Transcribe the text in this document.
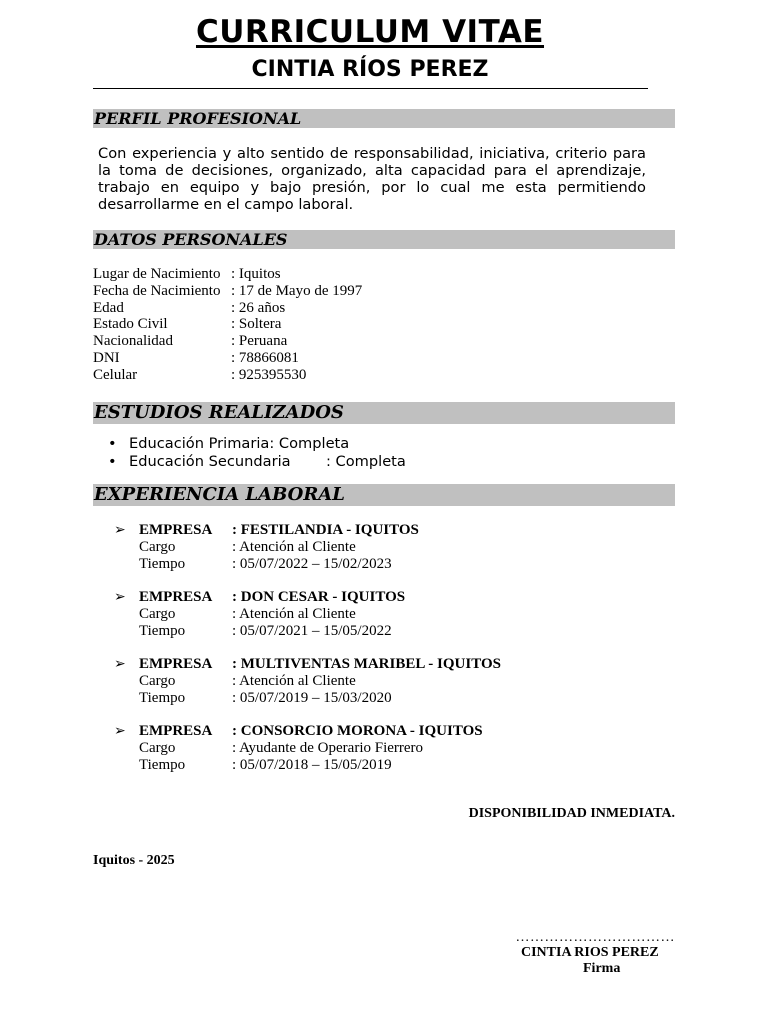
CURRICULUM VITAE
CINTIA RÍOS PEREZ
PERFIL PROFESIONAL
Con experiencia y alto sentido de responsabilidad, iniciativa, criterio para la toma de decisiones, organizado, alta capacidad para el aprendizaje, trabajo en equipo y bajo presión, por lo cual me esta permitiendo desarrollarme en el campo laboral.
DATOS PERSONALES
Lugar de Nacimiento : Iquitos
Fecha de Nacimiento : 17 de Mayo de 1997
Edad	: 26 años
Estado Civil	: Soltera
Nacionalidad	: Peruana
DNI	: 78866081
Celular	: 925395530
ESTUDIOS REALIZADOS
• Educación Primaria : Completa
• Educación Secundaria	: Completa
EXPERIENCIA LABORAL
➢ EMPRESA	: FESTILANDIA - IQUITOS
Cargo	: Atención al Cliente
Tiempo	: 05/07/2022 – 15/02/2023
➢ EMPRESA	: DON CESAR - IQUITOS
Cargo	: Atención al Cliente
Tiempo	: 05/07/2021 – 15/05/2022
➢ EMPRESA	: MULTIVENTAS MARIBEL - IQUITOS
Cargo	: Atención al Cliente
Tiempo	: 05/07/2019 – 15/03/2020
➢ EMPRESA	: CONSORCIO MORONA - IQUITOS
Cargo	: Ayudante de Operario Fierrero
Tiempo	: 05/07/2018 – 15/05/2019
DISPONIBILIDAD INMEDIATA.
Iquitos - 2025
……………………………
CINTIA RIOS PEREZ
Firma
